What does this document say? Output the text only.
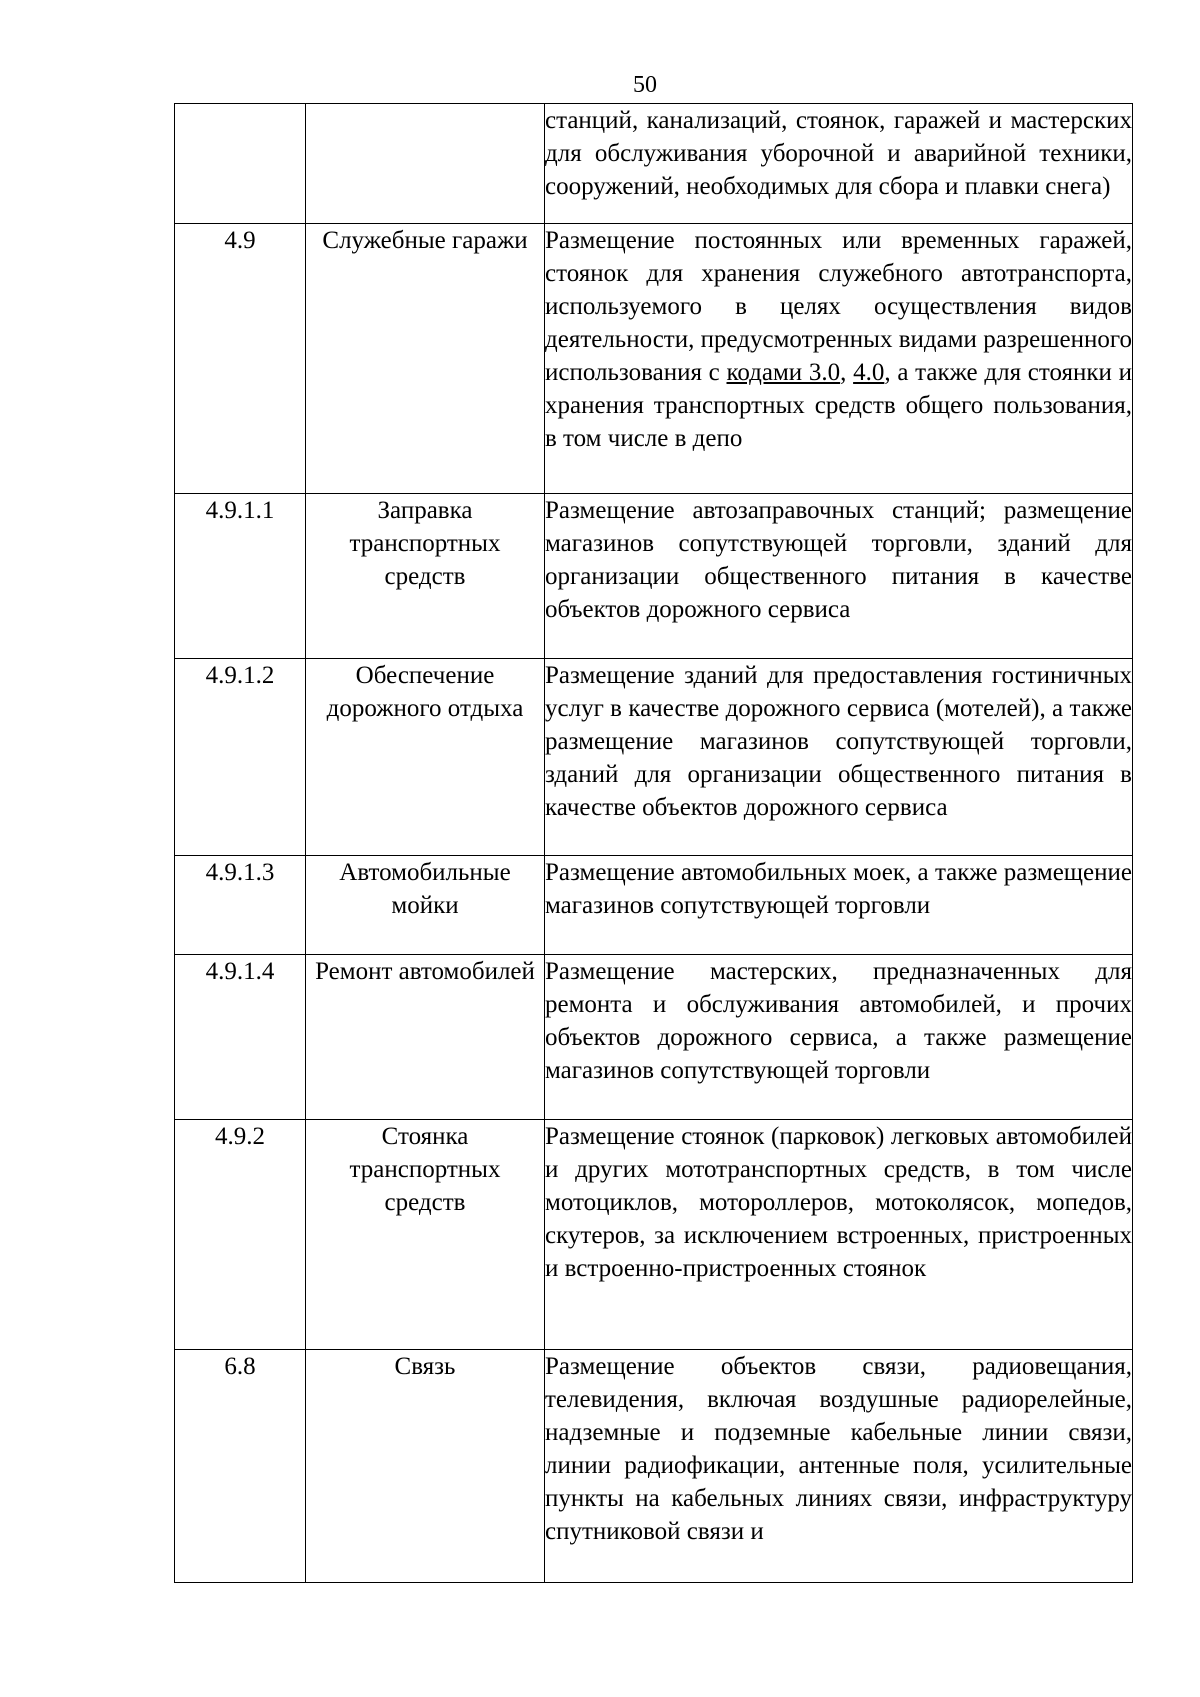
50
		станций, канализаций, стоянок, гаражей и мастерских для обслуживания уборочной и аварийной техники, сооружений, необходимых для сбора и плавки снега)
4.9	Служебные гаражи	Размещение постоянных или временных гаражей, стоянок для хранения служебного автотранспорта, используемого в целях осуществления видов деятельности, предусмотренных видами разрешенного использования с кодами 3.0, 4.0, а также для стоянки и хранения транспортных средств общего пользования, в том числе в депо
4.9.1.1	Заправка транспортных средств	Размещение автозаправочных станций; размещение магазинов сопутствующей торговли, зданий для организации общественного питания в качестве объектов дорожного сервиса
4.9.1.2	Обеспечение дорожного отдыха	Размещение зданий для предоставления гостиничных услуг в качестве дорожного сервиса (мотелей), а также размещение магазинов сопутствующей торговли, зданий для организации общественного питания в качестве объектов дорожного сервиса
4.9.1.3	Автомобильные мойки	Размещение автомобильных моек, а также размещение магазинов сопутствующей торговли
4.9.1.4	Ремонт автомобилей	Размещение мастерских, предназначенных для ремонта и обслуживания автомобилей, и прочих объектов дорожного сервиса, а также размещение магазинов сопутствующей торговли
4.9.2	Стоянка транспортных средств	Размещение стоянок (парковок) легковых автомобилей и других мототранспортных средств, в том числе мотоциклов, мотороллеров, мотоколясок, мопедов, скутеров, за исключением встроенных, пристроенных и встроенно-пристроенных стоянок
6.8	Связь	Размещение объектов связи, радиовещания, телевидения, включая воздушные радиорелейные, надземные и подземные кабельные линии связи, линии радиофикации, антенные поля, усилительные пункты на кабельных линиях связи, инфраструктуру спутниковой связи и
